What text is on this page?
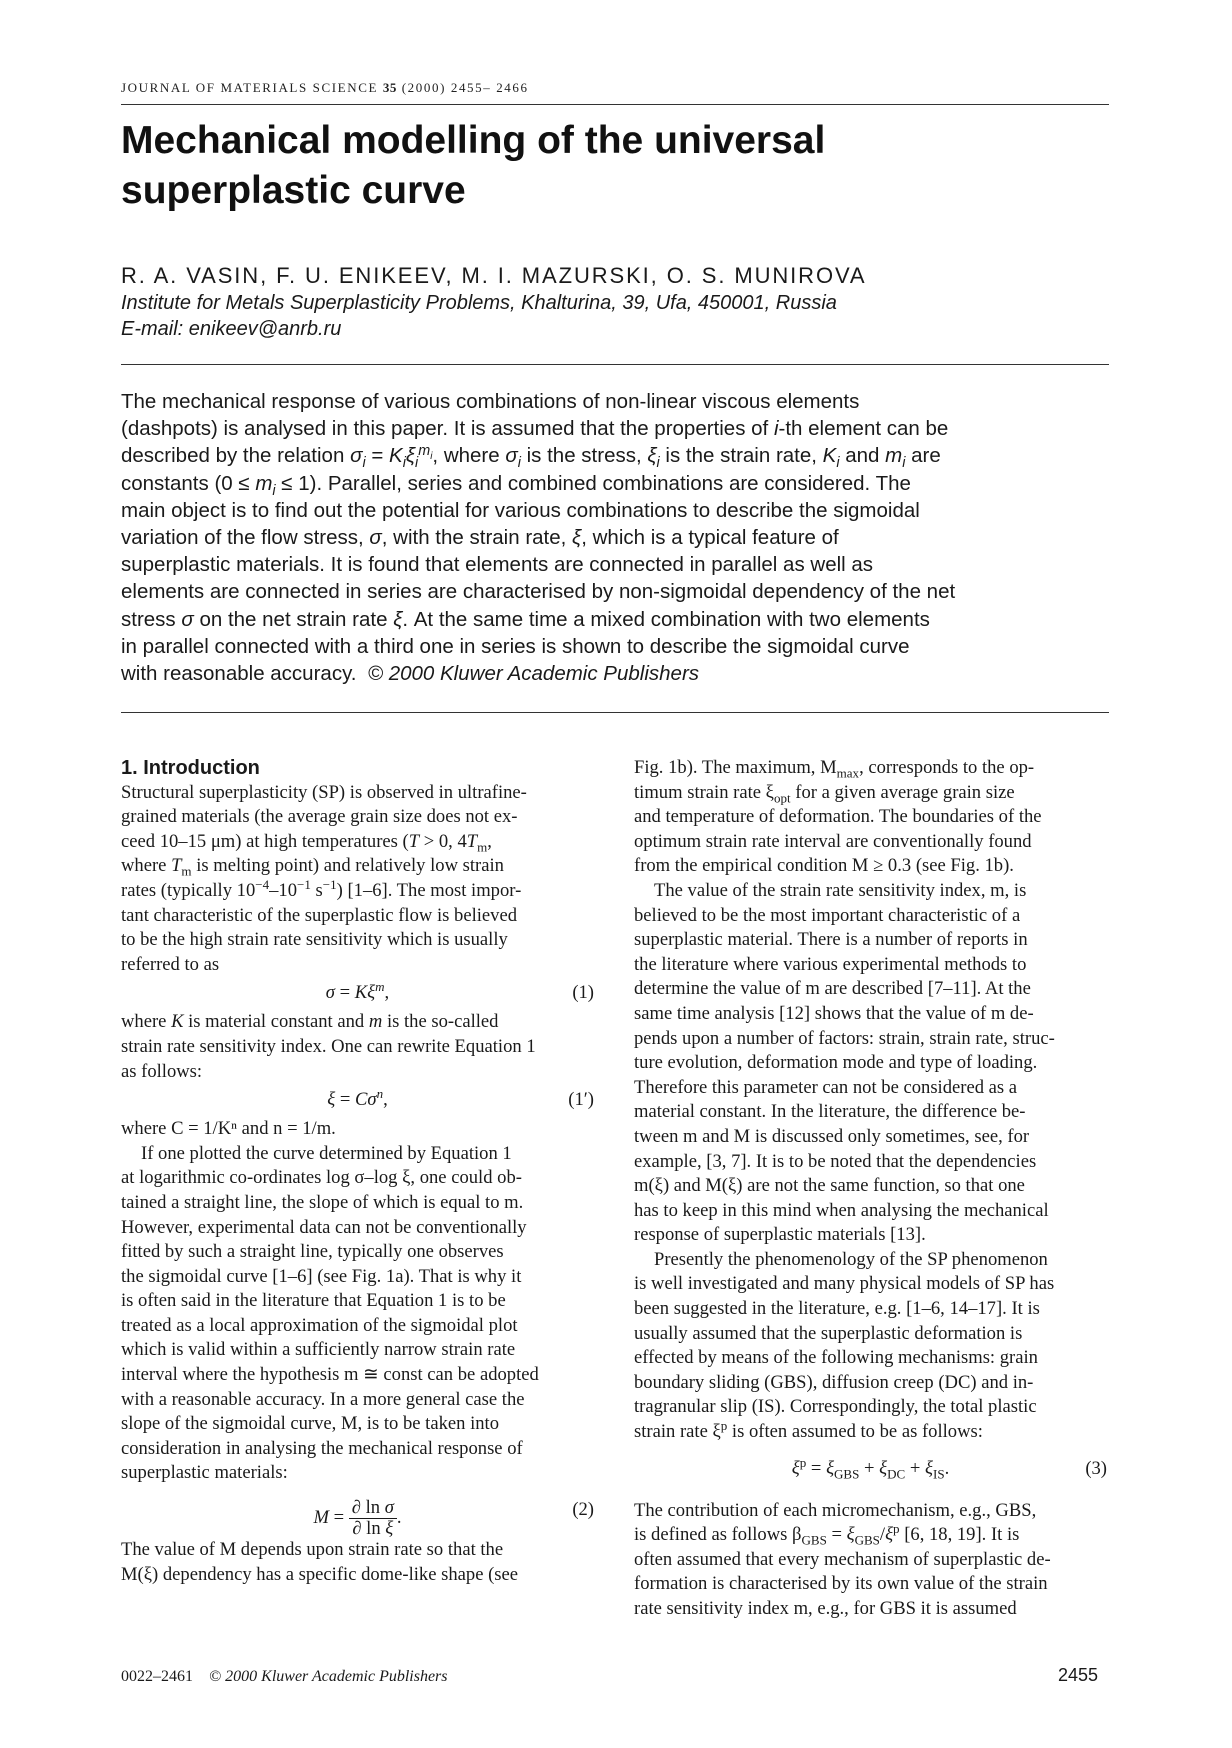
JOURNAL OF MATERIALS SCIENCE 35 (2000) 2455– 2466
Mechanical modelling of the universal
superplastic curve
R. A. VASIN, F. U. ENIKEEV, M. I. MAZURSKI, O. S. MUNIROVA
Institute for Metals Superplasticity Problems, Khalturina, 39, Ufa, 450001, Russia
E-mail: enikeev@anrb.ru
The mechanical response of various combinations of non-linear viscous elements
(dashpots) is analysed in this paper. It is assumed that the properties of i-th element can be
described by the relation $\sigma_i = K_i\xi_i^{m_i}$, where $\sigma_i$ is the stress, $\xi_i$ is the strain rate, $K_i$ and $m_i$ are
constants $(0 \le m_i \le 1)$. Parallel, series and combined combinations are considered. The
main object is to find out the potential for various combinations to describe the sigmoidal
variation of the flow stress, σ, with the strain rate, ξ, which is a typical feature of
superplastic materials. It is found that elements are connected in parallel as well as
elements are connected in series are characterised by non-sigmoidal dependency of the net
stress σ on the net strain rate ξ. At the same time a mixed combination with two elements
in parallel connected with a third one in series is shown to describe the sigmoidal curve
with reasonable accuracy. © 2000 Kluwer Academic Publishers
1. Introduction
Structural superplasticity (SP) is observed in ultrafine-
grained materials (the average grain size does not ex-
ceed 10–15 μm) at high temperatures (T > 0, $4T_m$,
where $T_m$ is melting point) and relatively low strain
rates (typically $10^{-4}-10^{-1}$ $s^{-1}$) [1–6]. The most impor-
tant characteristic of the superplastic flow is believed
to be the high strain rate sensitivity which is usually
referred to as
$\sigma = K\xi^m$,	(1)
where K is material constant and m is the so-called
strain rate sensitivity index. One can rewrite Equation 1
as follows:
$\xi = C\sigma^n$,	(1′)
where C = 1/Kⁿ and n = 1/m.
If one plotted the curve determined by Equation 1
at logarithmic co-ordinates log σ–log ξ, one could ob-
tained a straight line, the slope of which is equal to m.
However, experimental data can not be conventionally
fitted by such a straight line, typically one observes
the sigmoidal curve [1–6] (see Fig. 1a). That is why it
is often said in the literature that Equation 1 is to be
treated as a local approximation of the sigmoidal plot
which is valid within a sufficiently narrow strain rate
interval where the hypothesis m ≅ const can be adopted
with a reasonable accuracy. In a more general case the
slope of the sigmoidal curve, M, is to be taken into
consideration in analysing the mechanical response of
superplastic materials:
$M = \frac{\text{∂ ln σ}}{\text{∂ ln ξ}}$ .	(2)
The value of M depends upon strain rate so that the
M(ξ) dependency has a specific dome-like shape (see
Fig. 1b). The maximum, $M_{max}$, corresponds to the op-
timum strain rate $\xi_{opt}$ for a given average grain size
and temperature of deformation. The boundaries of the
optimum strain rate interval are conventionally found
from the empirical condition M ≥ 0.3 (see Fig. 1b).
The value of the strain rate sensitivity index, m, is
believed to be the most important characteristic of a
superplastic material. There is a number of reports in
the literature where various experimental methods to
determine the value of m are described [7–11]. At the
same time analysis [12] shows that the value of m de-
pends upon a number of factors: strain, strain rate, struc-
ture evolution, deformation mode and type of loading.
Therefore this parameter can not be considered as a
material constant. In the literature, the difference be-
tween m and M is discussed only sometimes, see, for
example, [3, 7]. It is to be noted that the dependencies
m(ξ) and M(ξ) are not the same function, so that one
has to keep in this mind when analysing the mechanical
response of superplastic materials [13].
Presently the phenomenology of the SP phenomenon
is well investigated and many physical models of SP has
been suggested in the literature, e.g. [1–6, 14–17]. It is
usually assumed that the superplastic deformation is
effected by means of the following mechanisms: grain
boundary sliding (GBS), diffusion creep (DC) and in-
tragranular slip (IS). Correspondingly, the total plastic
strain rate $\xi^p$ is often assumed to be as follows:
$\xi^p = \xi_{GBS} + \xi_{DC} + \xi_{IS}$.	(3)
The contribution of each micromechanism, e.g., GBS,
is defined as follows $\beta_{GBS} = \xi_{GBS}/\xi^p$ [6, 18, 19]. It is
often assumed that every mechanism of superplastic de-
formation is characterised by its own value of the strain
rate sensitivity index m, e.g., for GBS it is assumed
0022–2461 © 2000 Kluwer Academic Publishers	2455
